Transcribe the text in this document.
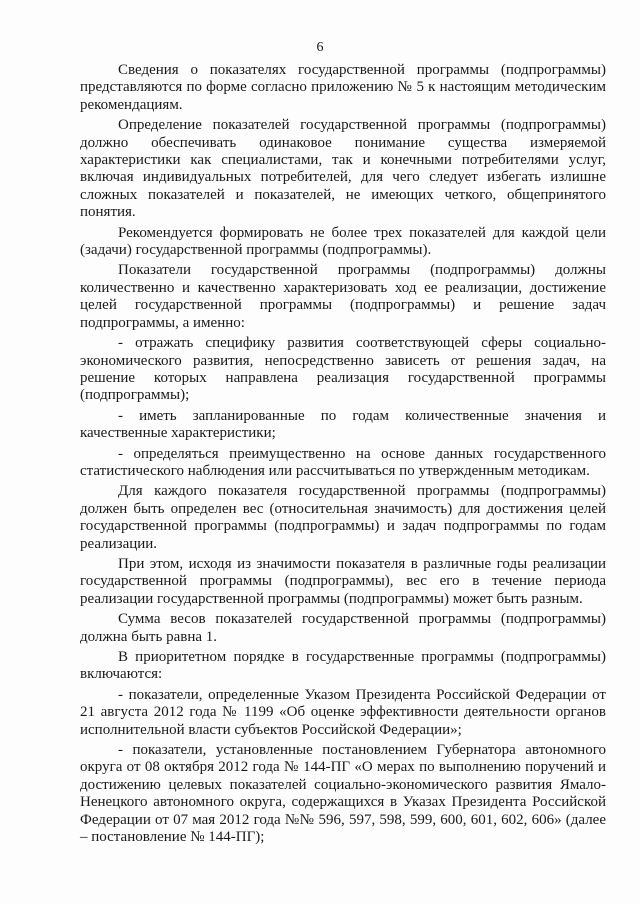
6

Сведения о показателях государственной программы (подпрограммы) представляются по форме согласно приложению № 5 к настоящим методическим рекомендациям.

Определение показателей государственной программы (подпрограммы) должно обеспечивать одинаковое понимание существа измеряемой характеристики как специалистами, так и конечными потребителями услуг, включая индивидуальных потребителей, для чего следует избегать излишне сложных показателей и показателей, не имеющих четкого, общепринятого понятия.

Рекомендуется формировать не более трех показателей для каждой цели (задачи) государственной программы (подпрограммы).

Показатели государственной программы (подпрограммы) должны количественно и качественно характеризовать ход ее реализации, достижение целей государственной программы (подпрограммы) и решение задач подпрограммы, а именно:

- отражать специфику развития соответствующей сферы социально-экономического развития, непосредственно зависеть от решения задач, на решение которых направлена реализация государственной программы (подпрограммы);

- иметь запланированные по годам количественные значения и качественные характеристики;

- определяться преимущественно на основе данных государственного статистического наблюдения или рассчитываться по утвержденным методикам.

Для каждого показателя государственной программы (подпрограммы) должен быть определен вес (относительная значимость) для достижения целей государственной программы (подпрограммы) и задач подпрограммы по годам реализации.

При этом, исходя из значимости показателя в различные годы реализации государственной программы (подпрограммы), вес его в течение периода реализации государственной программы (подпрограммы) может быть разным.

Сумма весов показателей государственной программы (подпрограммы) должна быть равна 1.

В приоритетном порядке в государственные программы (подпрограммы) включаются:

- показатели, определенные Указом Президента Российской Федерации от 21 августа 2012 года № 1199 «Об оценке эффективности деятельности органов исполнительной власти субъектов Российской Федерации»;

- показатели, установленные постановлением Губернатора автономного округа от 08 октября 2012 года № 144-ПГ «О мерах по выполнению поручений и достижению целевых показателей социально-экономического развития Ямало-Ненецкого автономного округа, содержащихся в Указах Президента Российской Федерации от 07 мая 2012 года №№ 596, 597, 598, 599, 600, 601, 602, 606» (далее – постановление № 144-ПГ);
